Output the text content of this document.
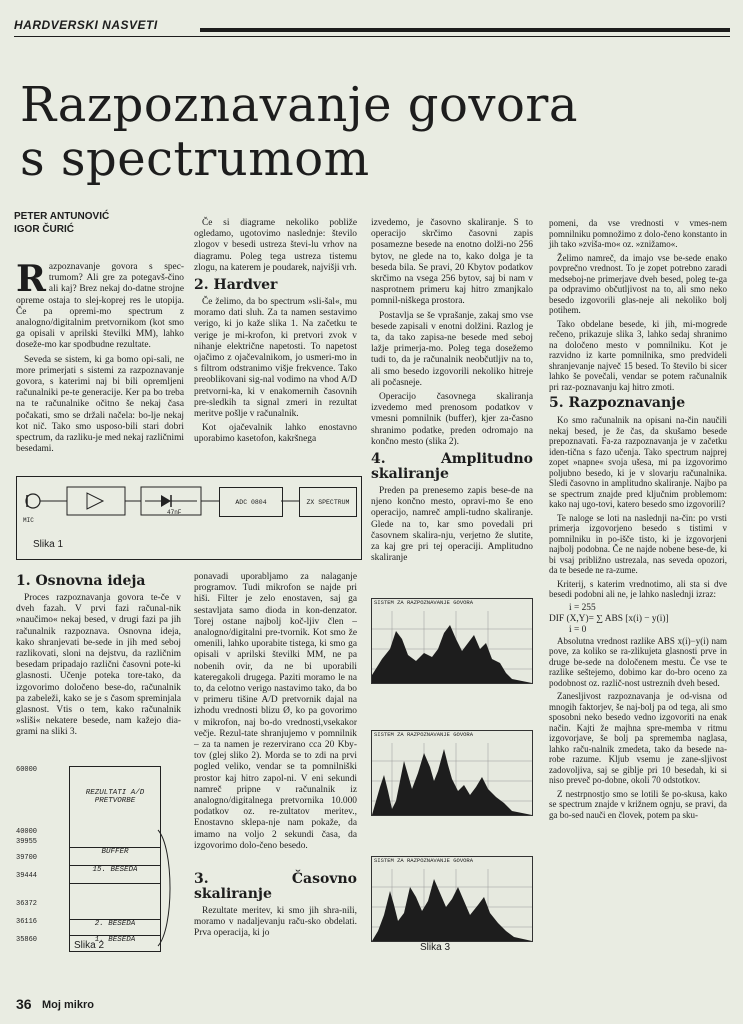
HARDVERSKI NASVETI
Razpoznavanje govora
s spectrumom
PETER ANTUNOVIĆ
IGOR ČURIĆ

Razpoznavanje govora s spec-trumom? Ali gre za potegavš-čino ali kaj? Brez nekaj do-datne strojne opreme ostaja to slej-koprej res le utopija. Če pa opremi-mo spectrum z analogno/digitalnim pretvornikom (kot smo ga opisali v aprilski številki MM), lahko doseže-mo kar spodbudne rezultate.

Seveda se sistem, ki ga bomo opi-sali, ne more primerjati s sistemi za razpoznavanje govora, s katerimi naj bi bili opremljeni računalniki pe-te generacije. Ker pa bo treba na te računalnike očitno še nekaj časa počakati, smo se držali načela: bo-lje nekaj kot nič. Tako smo usposo-bili stari dobri spectrum, da razliku-je med nekaj različnimi besedami.

Če si diagrame nekoliko pobliže ogledamo, ugotovimo naslednje: število zlogov v besedi ustreza števi-lu vrhov na diagramu. Poleg tega ustreza tistemu zlogu, na katerem je poudarek, najvišji vrh.

2. Hardver

Če želimo, da bo spectrum »sli-šal«, mu moramo dati sluh. Za ta namen sestavimo verigo, ki jo kaže slika 1. Na začetku te verige je mi-krofon, ki pretvori zvok v nihanje električne napetosti. To napetost ojačimo z ojačevalnikom, jo usmeri-mo in s filtrom odstranimo višje frekvence. Tako preoblikovani sig-nal vodimo na vhod A/D pretvorni-ka, ki v enakomernih časovnih pre-sledkih ta signal zmeri in rezultat meritve pošlje v računalnik.

Kot ojačevalnik lahko enostavno uporabimo kasetofon, kakršnega

izvedemo, je časovno skaliranje. S to operacijo skrčimo časovni zapis posamezne besede na enotno dolži-no 256 bytov, ne glede na to, kako dolga je ta beseda bila. Se pravi, 20 Kbytov podatkov skrčimo na vsega 256 bytov, saj bi nam v nasprotnem primeru kaj hitro zmanjkalo pomnil-niškega prostora.

Postavlja se še vprašanje, zakaj smo vse besede zapisali v enotni dolžini. Razlog je ta, da tako zapisa-ne besede med seboj lažje primerja-mo. Poleg tega dosežemo tudi to, da je računalnik neobčutljiv na to, ali smo besedo izgovorili nekoliko hitreje ali počasneje.

Operacijo časovnega skaliranja izvedemo med prenosom podatkov v vmesni pomnilnik (buffer), kjer za-časno shranimo podatke, preden odromajo na končno mesto (slika 2).

4. Amplitudno skaliranje

Preden pa prenesemo zapis bese-de na njeno končno mesto, opravi-mo še eno operacijo, namreč ampli-tudno skaliranje. Glede na to, kar smo povedali pri časovnem skalira-nju, verjetno že slutite, za kaj gre pri tej operaciji. Amplitudno skaliranje

pomeni, da vse vrednosti v vmes-nem pomnilniku pomnožimo z dolo-čeno konstanto in jih tako »zviša-mo« oz. »znižamo«.

Želimo namreč, da imajo vse be-sede enako povprečno vrednost. To je zopet potrebno zaradi medseboj-ne primerjave dveh besed, poleg te-ga pa odpravimo občutljivost na to, ali smo neko besedo izgovorili glas-neje ali nekoliko bolj potihem.

Tako obdelane besede, ki jih, mi-mogrede rečeno, prikazuje slika 3, lahko sedaj shranimo na določeno mesto v pomnilniku. Kot je razvidno iz karte pomnilnika, smo predvideli shranjevanje največ 15 besed. To število bi sicer lahko še povečali, vendar se potem računalnik pri raz-poznavanju kaj hitro zmoti.

5. Razpoznavanje

Ko smo računalnik na opisani na-čin naučili nekaj besed, je že čas, da skušamo besede prepoznavati. Fa-za razpoznavanja je v začetku iden-tična s fazo učenja. Tako spectrum najprej zopet »napne« svoja ušesa, mi pa izgovorimo poljubno besedo, ki je v slovarju računalnika. Sledi časovno in amplitudno skaliranje. Najbo pa se spectrum znajde pred ključnim problemom: kako naj ugo-tovi, katero besedo smo izgovorili?

Te naloge se loti na naslednji na-čin: po vrsti primerja izgovorjeno besedo s tistimi v pomnilniku in po-išče tisto, ki je izgovorjeni najbolj podobna. Če ne najde nobene bese-de, ki bi vsaj približno ustrezala, nas seveda opozori, da te besede ne ra-zume.

Kriterij, s katerim vrednotimo, ali sta si dve besedi podobni ali ne, je lahko naslednji izraz:

i = 255
DIF (X,Y)= ∑ ABS [x(i) − y(i)]
i = 0

Absolutna vrednost razlike ABS x(i)−y(i) nam pove, za koliko se ra-zlikujeta glasnosti prve in druge be-sede na določenem mestu. Če vse te razlike seštejemo, dobimo kar do-bro oceno za podobnost oz. različ-nost ustreznih dveh besed.

Zanesljivost razpoznavanja je od-visna od mnogih faktorjev, še naj-bolj pa od tega, ali smo sposobni neko besedo vedno izgovoriti na enak način. Kajti že majhna spre-memba v ritmu izgovorjave, še bolj pa sprememba naglasa, lahko raču-nalnik zmedeta, tako da besede na-robe razume. Kljub vsemu je zane-sljivost zadovoljiva, saj se giblje pri 10 besedah, ki si niso preveč po-dobne, okoli 70 odstotkov.

Z nestrpnostjo smo se lotili še po-skusa, kako se spectrum znajde v križnem ognju, se pravi, da ga bo-sed nauči en človek, potem pa sku-

MIC
47nF
ADC 0804	ZX SPECTRUM
Slika 1
1. Osnovna ideja

Proces razpoznavanja govora te-če v dveh fazah. V prvi fazi računal-nik »naučimo« nekaj besed, v drugi fazi pa jih računalnik razpoznava. Osnovna ideja, kako shranjevati be-sede in jih med seboj razlikovati, sloni na dejstvu, da različnim besedam pripadajo različni časovni pote-ki glasnosti. Učenje poteka tore-tako, da izgovorimo določeno bese-do, računalnik pa zabeleži, kako se je s časom spreminjala glasnost. Vtis o tem, kako računalnik »sliši« nekatere besede, nam kažejo dia-grami na sliki 3.

60000
40000
39955
39700
39444
36372
36116
35860
REZULTATI A/D PRETVORBE
BUFFER
15. BESEDA
2. BESEDA
1. BESEDA
Slika 2

ponavadi uporabljamo za nalaganje programov. Tudi mikrofon se najde pri hiši. Filter je zelo enostaven, saj ga sestavljata samo dioda in kon-denzator. Torej ostane najbolj koč-ljiv člen – analogno/digitalni pre-tvornik. Kot smo že omenili, lahko uporabite tistega, ki smo ga opisali v aprilski številki MM, ne pa nobenih ovir, da ne bi uporabili kateregakoli drugega. Paziti moramo le na to, da celotno verigo nastavimo tako, da bo v primeru tišine A/D pretvornik dajal na izhodu vrednosti blizu Ø, ko pa govorimo v mikrofon, naj bo-do vrednosti,vsekakor večje. Rezul-tate shranjujemo v pomnilnik – za ta namen je rezervirano cca 20 Kby-tov (glej sliko 2). Morda se to zdi na prvi pogled veliko, vendar se ta pomnilniški prostor kaj hitro zapol-ni. V eni sekundi namreč pripne v računalnik iz analogno/digitalnega pretvornika 10.000 podatkov oz. re-zultatov meritev., Enostavno sklepa-nje nam pokaže, da imamo na voljo 2 sekundi časa, da izgovorimo dolo-čeno besedo.

3. Časovno skaliranje

Rezultate meritev, ki smo jih shra-nili, moramo v nadaljevanju raču-sko obdelati. Prva operacija, ki jo

SISTEM ZA RAZPOZNAVANJE GOVORA
SISTEM ZA RAZPOZNAVANJE GOVORA
SISTEM ZA RAZPOZNAVANJE GOVORA
Slika 3
36 Moj mikro
